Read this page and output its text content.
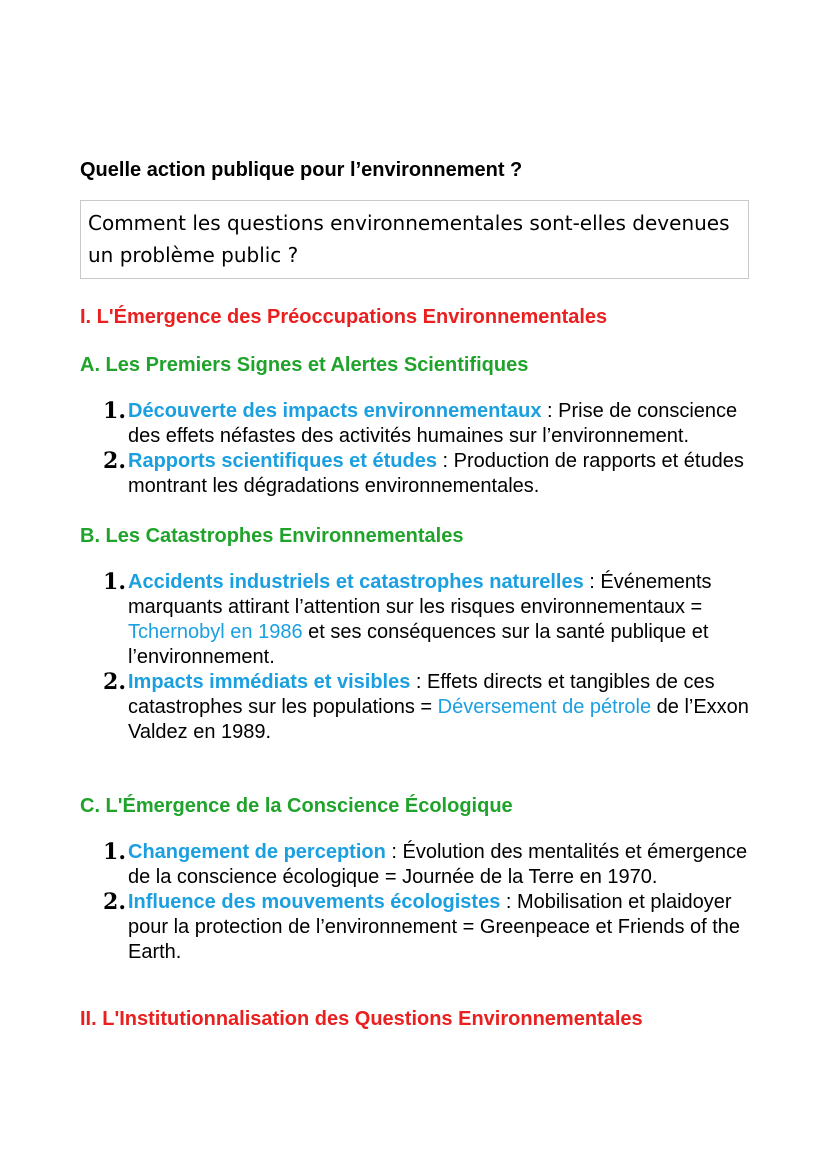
Quelle action publique pour l’environnement ?
Comment les questions environnementales sont-elles devenues un problème public ?
I. L'Émergence des Préoccupations Environnementales
A. Les Premiers Signes et Alertes Scientifiques
1. Découverte des impacts environnementaux : Prise de conscience des effets néfastes des activités humaines sur l’environnement.
2. Rapports scientifiques et études : Production de rapports et études montrant les dégradations environnementales.
B. Les Catastrophes Environnementales
1. Accidents industriels et catastrophes naturelles : Événements marquants attirant l’attention sur les risques environnementaux = Tchernobyl en 1986 et ses conséquences sur la santé publique et l’environnement.
2. Impacts immédiats et visibles : Effets directs et tangibles de ces catastrophes sur les populations = Déversement de pétrole de l’Exxon Valdez en 1989.
C. L'Émergence de la Conscience Écologique
1. Changement de perception : Évolution des mentalités et émergence de la conscience écologique = Journée de la Terre en 1970.
2. Influence des mouvements écologistes : Mobilisation et plaidoyer pour la protection de l’environnement = Greenpeace et Friends of the Earth.
II. L'Institutionnalisation des Questions Environnementales
